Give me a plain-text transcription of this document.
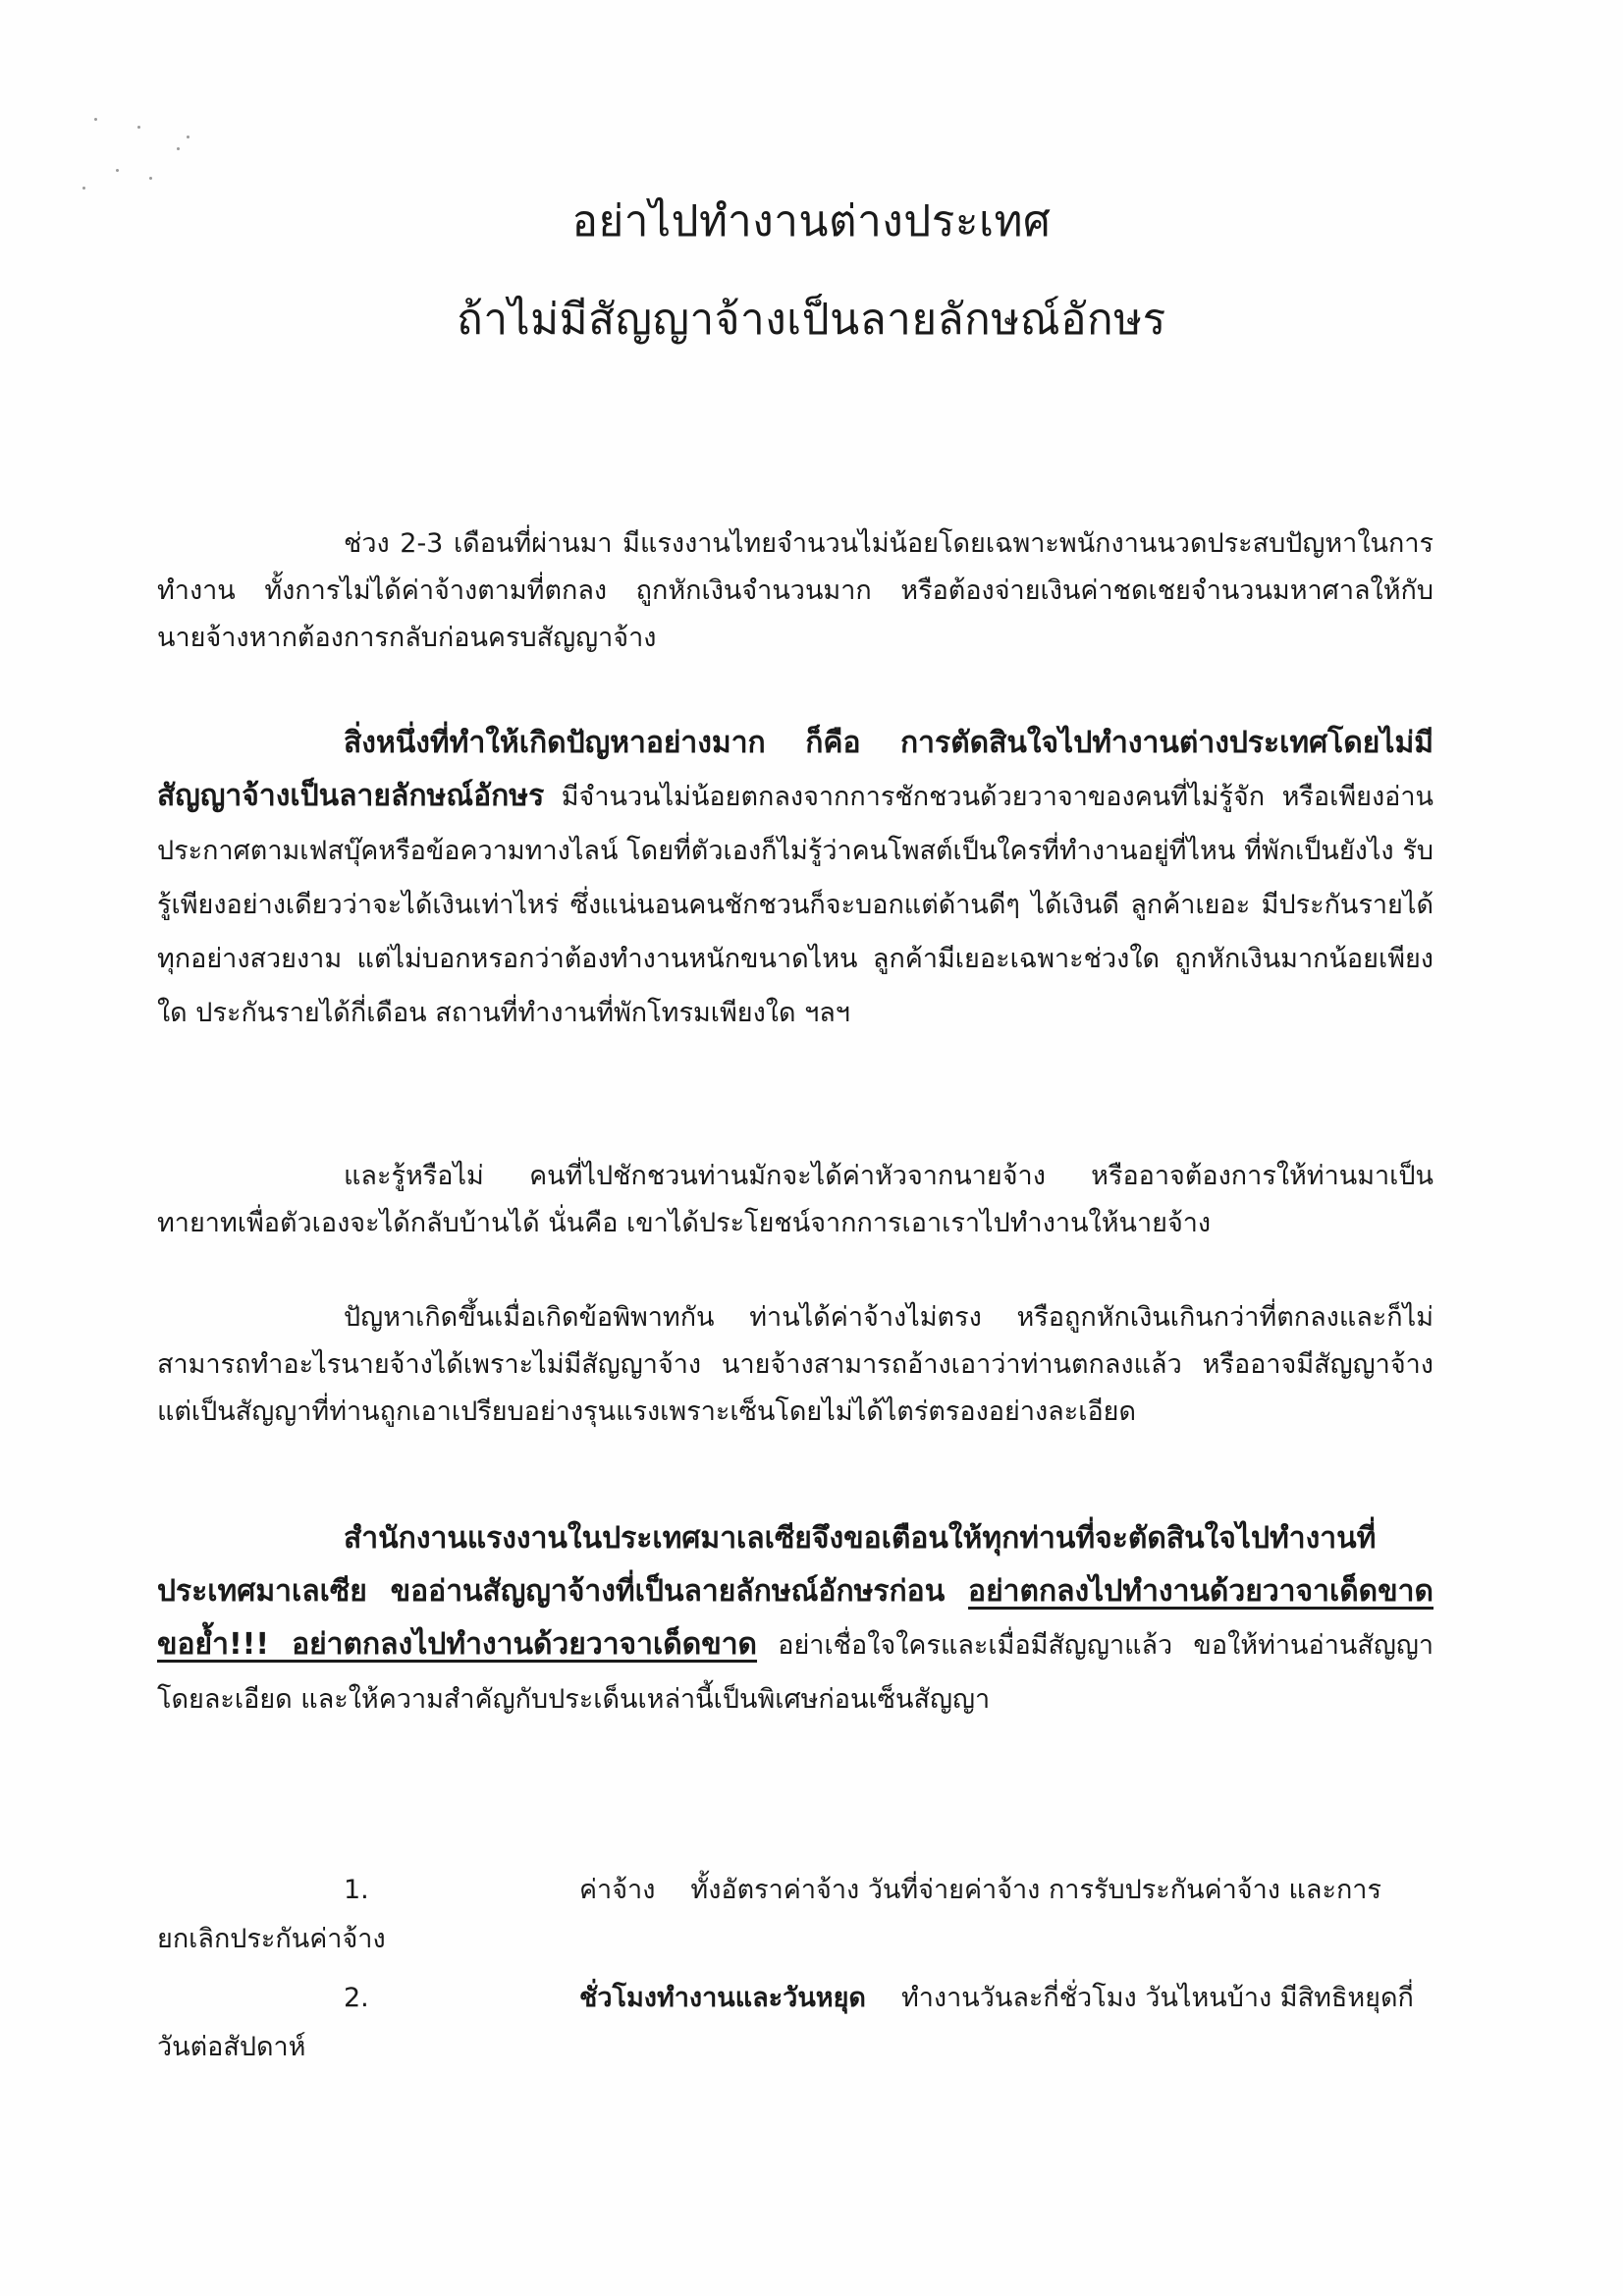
อย่าไปทำงานต่างประเทศ
ถ้าไม่มีสัญญาจ้างเป็นลายลักษณ์อักษร

ช่วง 2-3 เดือนที่ผ่านมา มีแรงงานไทยจำนวนไม่น้อยโดยเฉพาะพนักงานนวดประสบปัญหาในการทำงาน ทั้งการไม่ได้ค่าจ้างตามที่ตกลง ถูกหักเงินจำนวนมาก หรือต้องจ่ายเงินค่าชดเชยจำนวนมหาศาลให้กับนายจ้างหากต้องการกลับก่อนครบสัญญาจ้าง

สิ่งหนึ่งที่ทำให้เกิดปัญหาอย่างมาก ก็คือ การตัดสินใจไปทำงานต่างประเทศโดยไม่มีสัญญาจ้างเป็นลายลักษณ์อักษร มีจำนวนไม่น้อยตกลงจากการชักชวนด้วยวาจาของคนที่ไม่รู้จัก หรือเพียงอ่านประกาศตามเฟสบุ๊คหรือข้อความทางไลน์ โดยที่ตัวเองก็ไม่รู้ว่าคนโพสต์เป็นใครที่ทำงานอยู่ที่ไหน ที่พักเป็นยังไง รับรู้เพียงอย่างเดียวว่าจะได้เงินเท่าไหร่ ซึ่งแน่นอนคนชักชวนก็จะบอกแต่ด้านดีๆ ได้เงินดี ลูกค้าเยอะ มีประกันรายได้ ทุกอย่างสวยงาม แต่ไม่บอกหรอกว่าต้องทำงานหนักขนาดไหน ลูกค้ามีเยอะเฉพาะช่วงใด ถูกหักเงินมากน้อยเพียงใด ประกันรายได้กี่เดือน สถานที่ทำงานที่พักโทรมเพียงใด ฯลฯ

และรู้หรือไม่ คนที่ไปชักชวนท่านมักจะได้ค่าหัวจากนายจ้าง หรืออาจต้องการให้ท่านมาเป็นทายาทเพื่อตัวเองจะได้กลับบ้านได้ นั่นคือ เขาได้ประโยชน์จากการเอาเราไปทำงานให้นายจ้าง

ปัญหาเกิดขึ้นเมื่อเกิดข้อพิพาทกัน ท่านได้ค่าจ้างไม่ตรง หรือถูกหักเงินเกินกว่าที่ตกลงและก็ไม่สามารถทำอะไรนายจ้างได้เพราะไม่มีสัญญาจ้าง นายจ้างสามารถอ้างเอาว่าท่านตกลงแล้ว หรืออาจมีสัญญาจ้าง แต่เป็นสัญญาที่ท่านถูกเอาเปรียบอย่างรุนแรงเพราะเซ็นโดยไม่ได้ไตร่ตรองอย่างละเอียด

สำนักงานแรงงานในประเทศมาเลเซียจึงขอเตือนให้ทุกท่านที่จะตัดสินใจไปทำงานที่ประเทศมาเลเซีย ขออ่านสัญญาจ้างที่เป็นลายลักษณ์อักษรก่อน อย่าตกลงไปทำงานด้วยวาจาเด็ดขาด ขอย้ำ!!! อย่าตกลงไปทำงานด้วยวาจาเด็ดขาด อย่าเชื่อใจใครและเมื่อมีสัญญาแล้ว ขอให้ท่านอ่านสัญญาโดยละเอียด และให้ความสำคัญกับประเด็นเหล่านี้เป็นพิเศษก่อนเซ็นสัญญา

1.	ค่าจ้าง ทั้งอัตราค่าจ้าง วันที่จ่ายค่าจ้าง การรับประกันค่าจ้าง และการยกเลิกประกันค่าจ้าง

2.	ชั่วโมงทำงานและวันหยุด ทำงานวันละกี่ชั่วโมง วันไหนบ้าง มีสิทธิหยุดกี่วันต่อสัปดาห์
